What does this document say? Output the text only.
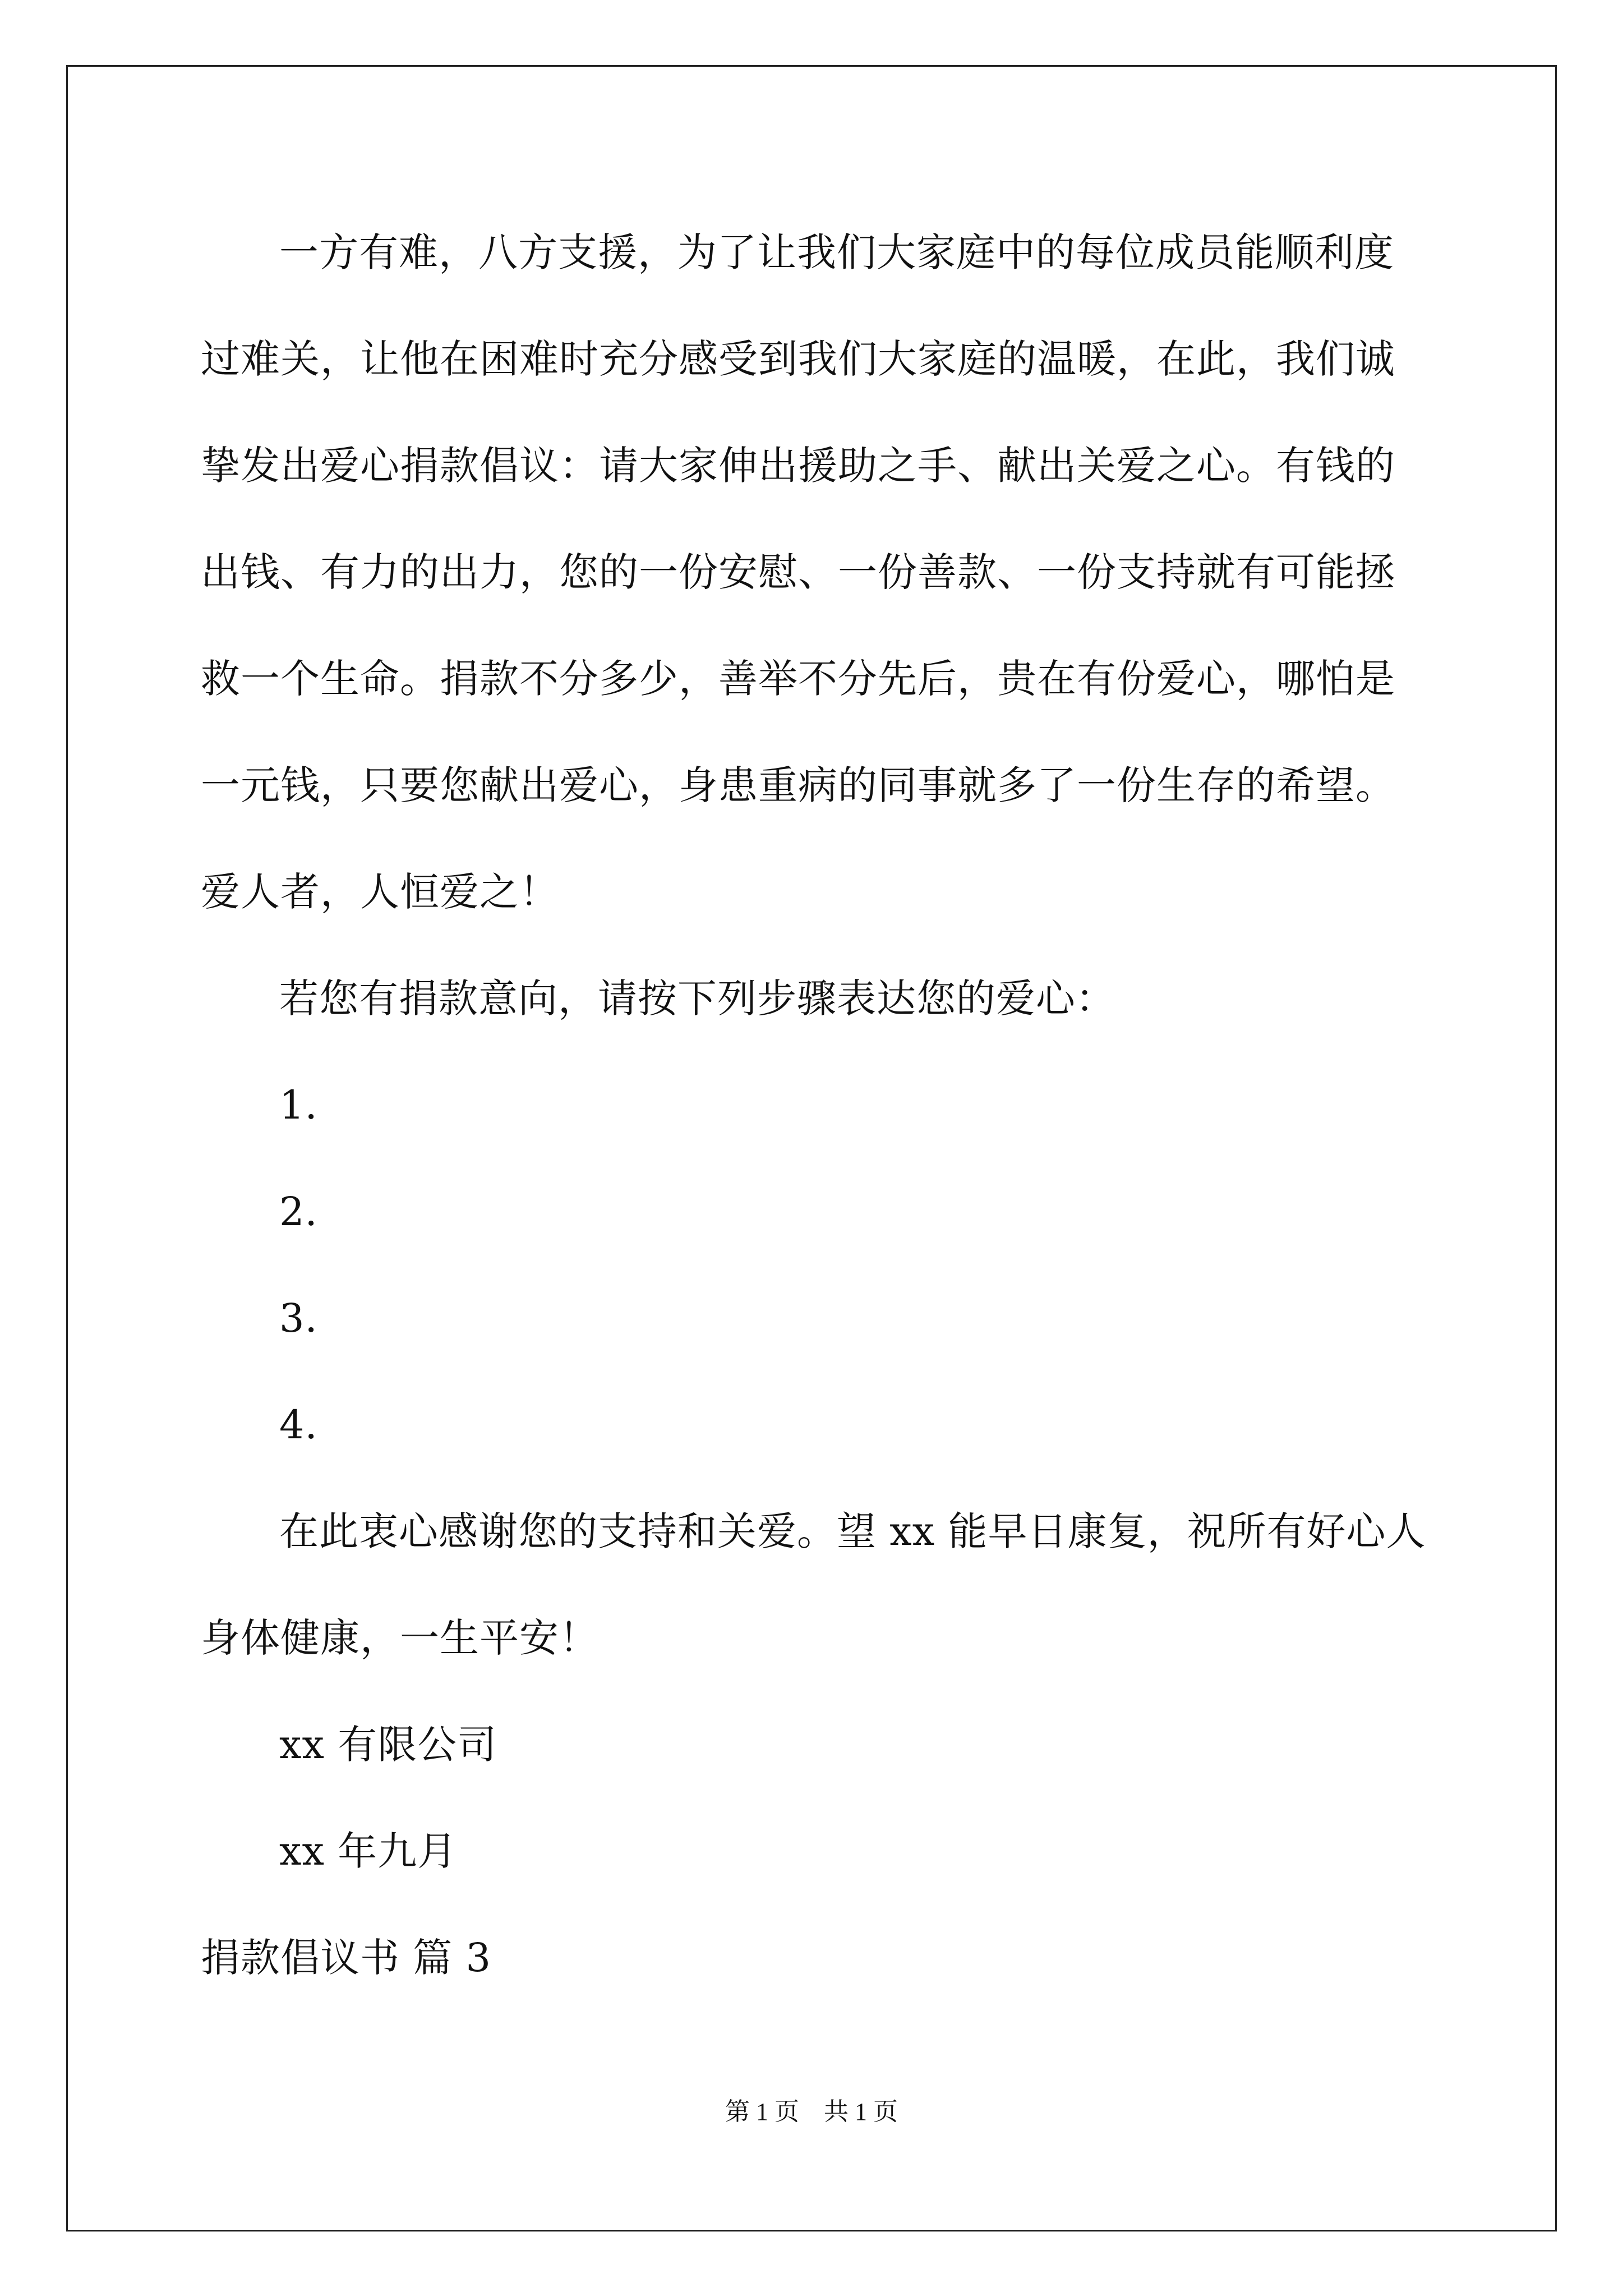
一方有难，八方支援，为了让我们大家庭中的每位成员能顺利度
过难关，让他在困难时充分感受到我们大家庭的温暖，在此，我们诚
挚发出爱心捐款倡议：请大家伸出援助之手、献出关爱之心。有钱的
出钱、有力的出力，您的一份安慰、一份善款、一份支持就有可能拯
救一个生命。捐款不分多少，善举不分先后，贵在有份爱心，哪怕是
一元钱，只要您献出爱心，身患重病的同事就多了一份生存的希望。
爱人者，人恒爱之！
若您有捐款意向，请按下列步骤表达您的爱心：
1.
2.
3.
4.
在此衷心感谢您的支持和关爱。望 xx 能早日康复，祝所有好心人
身体健康，一生平安！
xx 有限公司
xx 年九月
捐款倡议书 篇 3
第 1 页　共 1 页
